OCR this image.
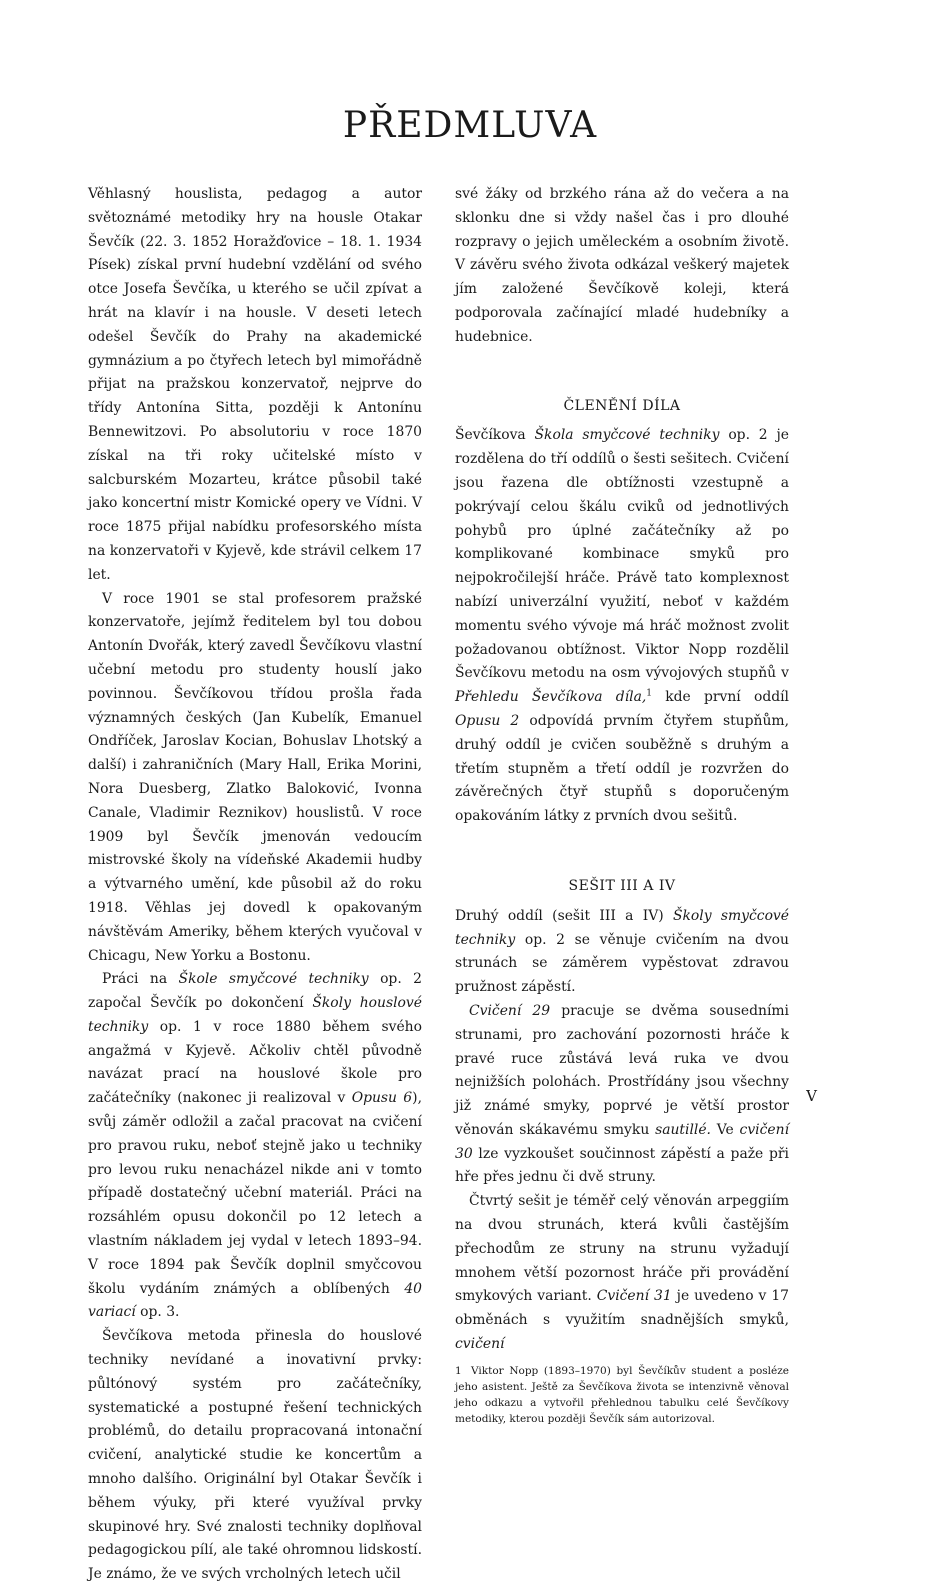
PŘEDMLUVA

Věhlasný houslista, pedagog a autor světoznámé metodiky hry na housle Otakar Ševčík (22. 3. 1852 Horažďovice – 18. 1. 1934 Písek) získal první hudební vzdělání od svého otce Josefa Ševčíka, u kterého se učil zpívat a hrát na klavír i na housle. V deseti letech odešel Ševčík do Prahy na akademické gymnázium a po čtyřech letech byl mimořádně přijat na pražskou konzervatoř, nejprve do třídy Antonína Sitta, později k Antonínu Bennewitzovi. Po absolutoriu v roce 1870 získal na tři roky učitelské místo v salcburském Mozarteu, krátce působil také jako koncertní mistr Komické opery ve Vídni. V roce 1875 přijal nabídku profesorského místa na konzervatoři v Kyjevě, kde strávil celkem 17 let.

V roce 1901 se stal profesorem pražské konzervatoře, jejímž ředitelem byl tou dobou Antonín Dvořák, který zavedl Ševčíkovu vlastní učební metodu pro studenty houslí jako povinnou. Ševčíkovou třídou prošla řada významných českých (Jan Kubelík, Emanuel Ondříček, Jaroslav Kocian, Bohuslav Lhotský a další) i zahraničních (Mary Hall, Erika Morini, Nora Duesberg, Zlatko Baloković, Ivonna Canale, Vladimir Reznikov) houslistů. V roce 1909 byl Ševčík jmenován vedoucím mistrovské školy na vídeňské Akademii hudby a výtvarného umění, kde působil až do roku 1918. Věhlas jej dovedl k opakovaným návštěvám Ameriky, během kterých vyučoval v Chicagu, New Yorku a Bostonu.

Práci na Škole smyčcové techniky op. 2 započal Ševčík po dokončení Školy houslové techniky op. 1 v roce 1880 během svého angažmá v Kyjevě. Ačkoliv chtěl původně navázat prací na houslové škole pro začátečníky (nakonec ji realizoval v Opusu 6), svůj záměr odložil a začal pracovat na cvičení pro pravou ruku, neboť stejně jako u techniky pro levou ruku nenacházel nikde ani v tomto případě dostatečný učební materiál. Práci na rozsáhlém opusu dokončil po 12 letech a vlastním nákladem jej vydal v letech 1893–94. V roce 1894 pak Ševčík doplnil smyčcovou školu vydáním známých a oblíbených 40 variací op. 3.

Ševčíkova metoda přinesla do houslové techniky nevídané a inovativní prvky: půltónový systém pro začátečníky, systematické a postupné řešení technických problémů, do detailu propracovaná intonační cvičení, analytické studie ke koncertům a mnoho dalšího. Originální byl Otakar Ševčík i během výuky, při které využíval prvky skupinové hry. Své znalosti techniky doplňoval pedagogickou pílí, ale také ohromnou lidskostí. Je známo, že ve svých vrcholných letech učil

své žáky od brzkého rána až do večera a na sklonku dne si vždy našel čas i pro dlouhé rozpravy o jejich uměleckém a osobním životě. V závěru svého života odkázal veškerý majetek jím založené Ševčíkově koleji, která podporovala začínající mladé hudebníky a hudebnice.

ČLENĚNÍ DÍLA

Ševčíkova Škola smyčcové techniky op. 2 je rozdělena do tří oddílů o šesti sešitech. Cvičení jsou řazena dle obtížnosti vzestupně a pokrývají celou škálu cviků od jednotlivých pohybů pro úplné začátečníky až po komplikované kombinace smyků pro nejpokročilejší hráče. Právě tato komplexnost nabízí univerzální využití, neboť v každém momentu svého vývoje má hráč možnost zvolit požadovanou obtížnost. Viktor Nopp rozdělil Ševčíkovu metodu na osm vývojových stupňů v Přehledu Ševčíkova díla,$^1$ kde první oddíl Opusu 2 odpovídá prvním čtyřem stupňům, druhý oddíl je cvičen souběžně s druhým a třetím stupněm a třetí oddíl je rozvržen do závěrečných čtyř stupňů s doporučeným opakováním látky z prvních dvou sešitů.

SEŠIT III A IV

Druhý oddíl (sešit III a IV) Školy smyčcové techniky op. 2 se věnuje cvičením na dvou strunách se záměrem vypěstovat zdravou pružnost zápěstí.

Cvičení 29 pracuje se dvěma sousedními strunami, pro zachování pozornosti hráče k pravé ruce zůstává levá ruka ve dvou nejnižších polohách. Prostřídány jsou všechny již známé smyky, poprvé je větší prostor věnován skákavému smyku sautillé. Ve cvičení 30 lze vyzkoušet součinnost zápěstí a paže při hře přes jednu či dvě struny.

Čtvrtý sešit je téměř celý věnován arpeggiím na dvou strunách, která kvůli častějším přechodům ze struny na strunu vyžadují mnohem větší pozornost hráče při provádění smykových variant. Cvičení 31 je uvedeno v 17 obměnách s využitím snadnějších smyků, cvičení

1 Viktor Nopp (1893–1970) byl Ševčíkův student a posléze jeho asistent. Ještě za Ševčíkova života se intenzivně věnoval jeho odkazu a vytvořil přehlednou tabulku celé Ševčíkovy metodiky, kterou později Ševčík sám autorizoval.

V
